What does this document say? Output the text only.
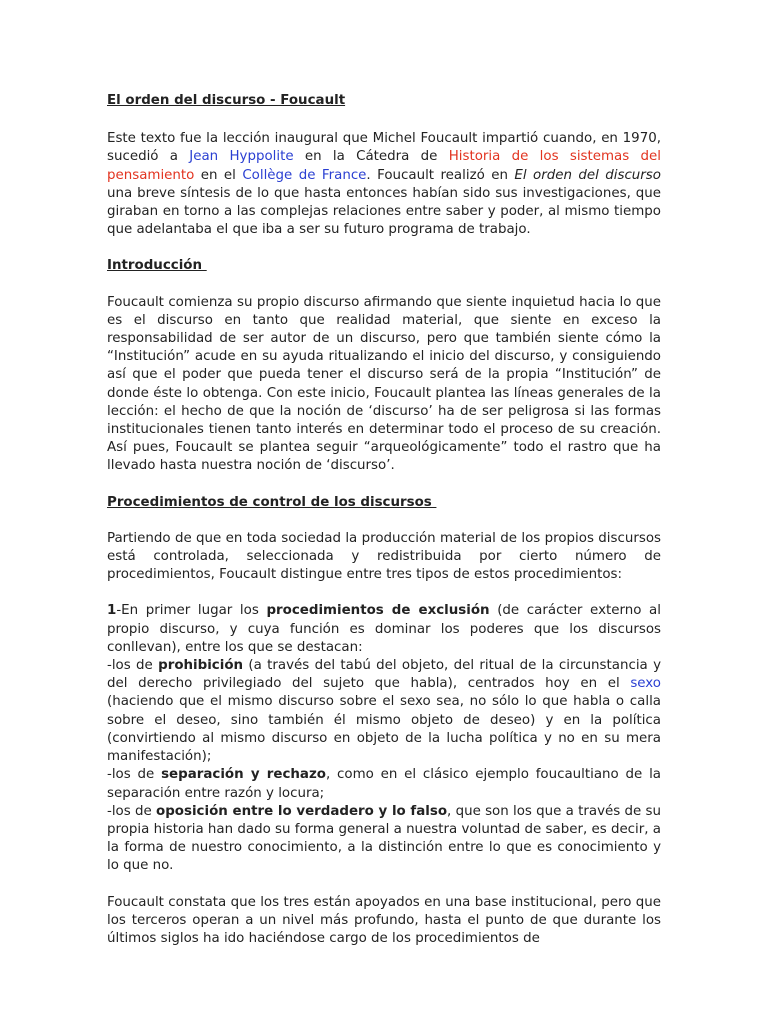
El orden del discurso - Foucault

Este texto fue la lección inaugural que Michel Foucault impartió cuando, en 1970, sucedió a Jean Hyppolite en la Cátedra de Historia de los sistemas del pensamiento en el Collège de France. Foucault realizó en El orden del discurso una breve síntesis de lo que hasta entonces habían sido sus investigaciones, que giraban en torno a las complejas relaciones entre saber y poder, al mismo tiempo que adelantaba el que iba a ser su futuro programa de trabajo.

Introducción

Foucault comienza su propio discurso afirmando que siente inquietud hacia lo que es el discurso en tanto que realidad material, que siente en exceso la responsabilidad de ser autor de un discurso, pero que también siente cómo la “Institución” acude en su ayuda ritualizando el inicio del discurso, y consiguiendo así que el poder que pueda tener el discurso será de la propia “Institución” de donde éste lo obtenga. Con este inicio, Foucault plantea las líneas generales de la lección: el hecho de que la noción de ‘discurso’ ha de ser peligrosa si las formas institucionales tienen tanto interés en determinar todo el proceso de su creación. Así pues, Foucault se plantea seguir “arqueológicamente” todo el rastro que ha llevado hasta nuestra noción de ‘discurso’.

Procedimientos de control de los discursos

Partiendo de que en toda sociedad la producción material de los propios discursos está controlada, seleccionada y redistribuida por cierto número de procedimientos, Foucault distingue entre tres tipos de estos procedimientos:

1-En primer lugar los procedimientos de exclusión (de carácter externo al propio discurso, y cuya función es dominar los poderes que los discursos conllevan), entre los que se destacan:
-los de prohibición (a través del tabú del objeto, del ritual de la circunstancia y del derecho privilegiado del sujeto que habla), centrados hoy en el sexo (haciendo que el mismo discurso sobre el sexo sea, no sólo lo que habla o calla sobre el deseo, sino también él mismo objeto de deseo) y en la política (convirtiendo al mismo discurso en objeto de la lucha política y no en su mera manifestación);
-los de separación y rechazo, como en el clásico ejemplo foucaultiano de la separación entre razón y locura;
-los de oposición entre lo verdadero y lo falso, que son los que a través de su propia historia han dado su forma general a nuestra voluntad de saber, es decir, a la forma de nuestro conocimiento, a la distinción entre lo que es conocimiento y lo que no.

Foucault constata que los tres están apoyados en una base institucional, pero que los terceros operan a un nivel más profundo, hasta el punto de que durante los últimos siglos ha ido haciéndose cargo de los procedimientos de
